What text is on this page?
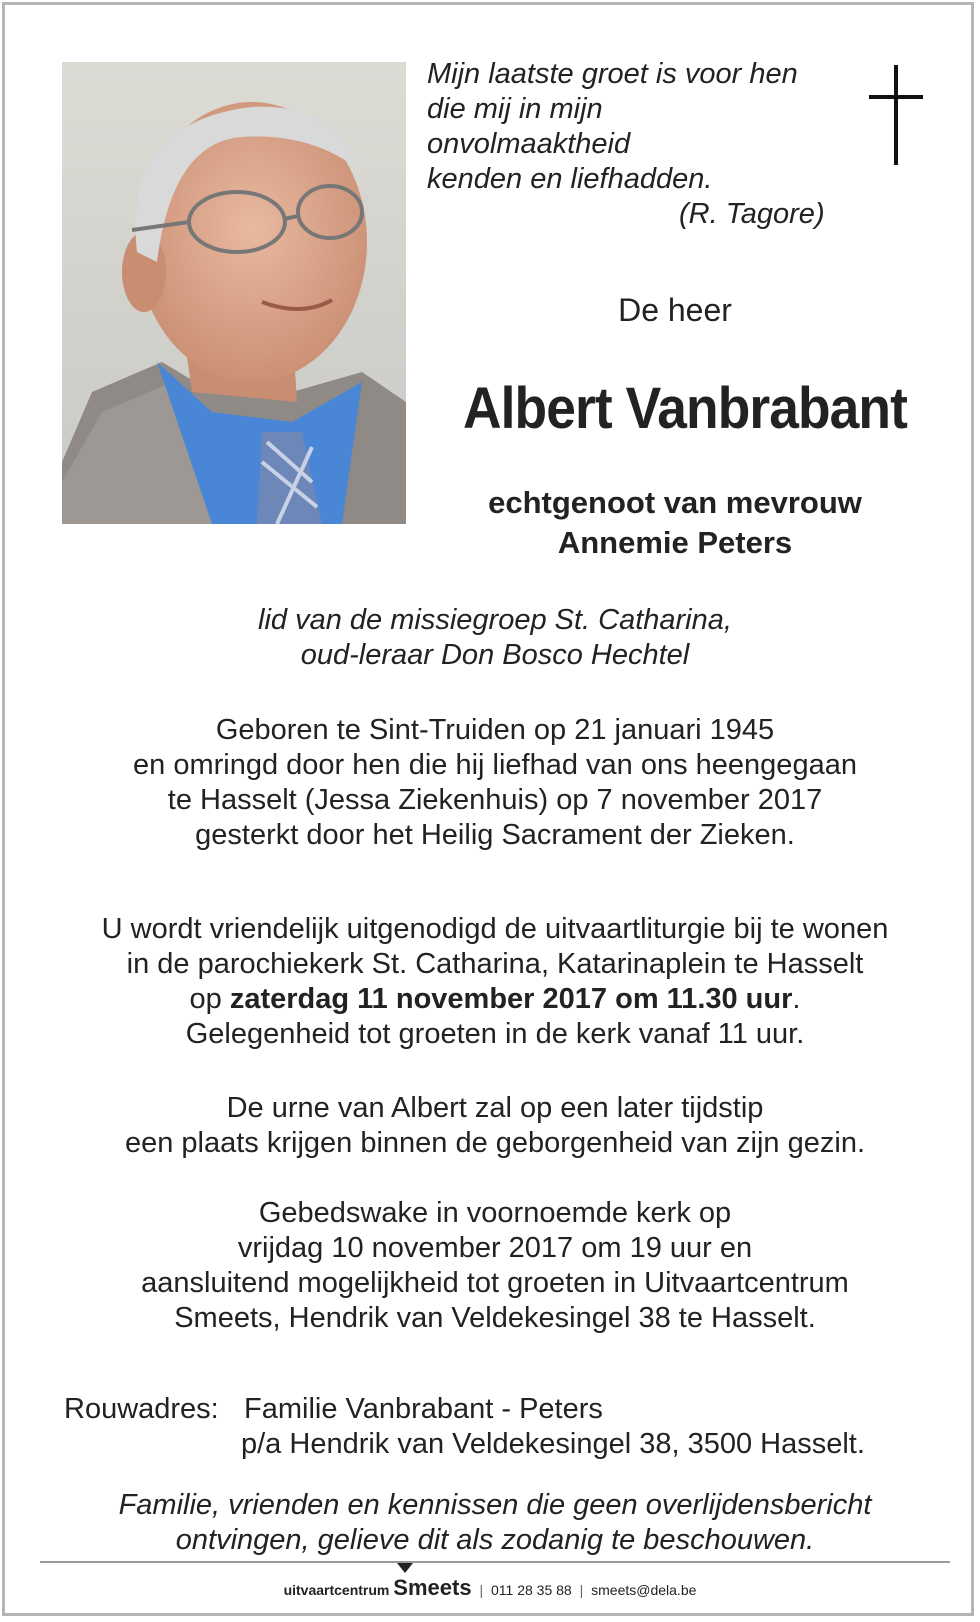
Mijn laatste groet is voor hen
die mij in mijn
onvolmaaktheid
kenden en liefhadden.
(R. Tagore)

De heer
Albert Vanbrabant

echtgenoot van mevrouw
Annemie Peters

lid van de missiegroep St. Catharina,
oud-leraar Don Bosco Hechtel

Geboren te Sint-Truiden op 21 januari 1945
en omringd door hen die hij liefhad van ons heengegaan
te Hasselt (Jessa Ziekenhuis) op 7 november 2017
gesterkt door het Heilig Sacrament der Zieken.

U wordt vriendelijk uitgenodigd de uitvaartliturgie bij te wonen
in de parochiekerk St. Catharina, Katarinaplein te Hasselt
op zaterdag 11 november 2017 om 11.30 uur.
Gelegenheid tot groeten in de kerk vanaf 11 uur.

De urne van Albert zal op een later tijdstip
een plaats krijgen binnen de geborgenheid van zijn gezin.

Gebedswake in voornoemde kerk op
vrijdag 10 november 2017 om 19 uur en
aansluitend mogelijkheid tot groeten in Uitvaartcentrum
Smeets, Hendrik van Veldekesingel 38 te Hasselt.

Rouwadres: Familie Vanbrabant - Peters
p/a Hendrik van Veldekesingel 38, 3500 Hasselt.

Familie, vrienden en kennissen die geen overlijdensbericht
ontvingen, gelieve dit als zodanig te beschouwen.

uitvaartcentrum Smeets | 011 28 35 88 | smeets@dela.be
